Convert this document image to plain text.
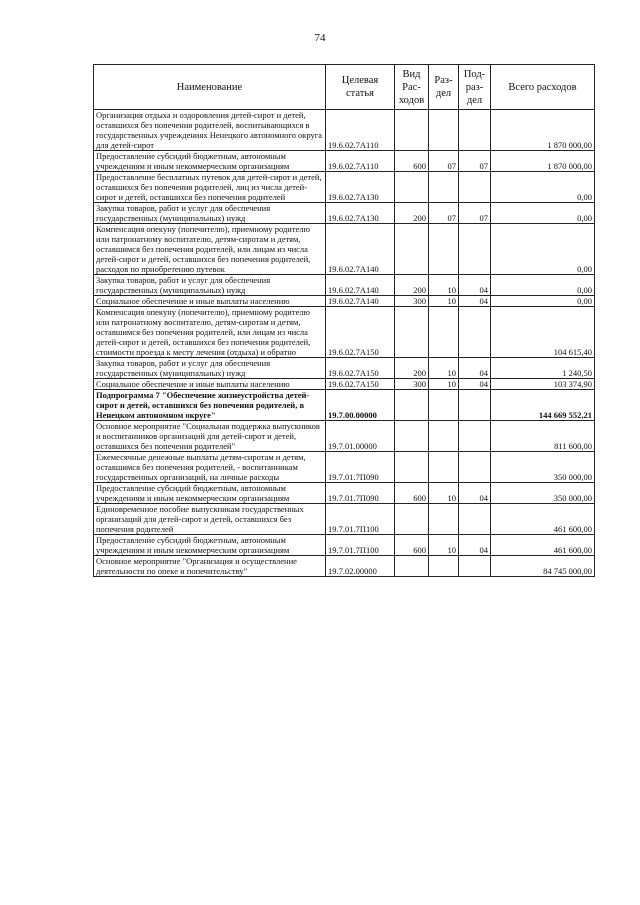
74
Наименование	Целевая статья	Вид Рас-ходов	Раз-дел	Под-раз-дел	Всего расходов
Организация отдыха и оздоровления детей-сирот и детей, оставшихся без попечения родителей, воспитывающихся в государственных учреждениях Ненецкого автономного округа для детей-сирот	19.6.02.7А110				1 870 000,00
Предоставление субсидий бюджетным, автономным учреждениям и иным некоммерческим организациям	19.6.02.7А110	600	07	07	1 870 000,00
Предоставление бесплатных путевок для детей-сирот и детей, оставшихся без попечения родителей, лиц из числа детей-сирот и детей, оставшихся без попечения родителей	19.6.02.7А130				0,00
Закупка товаров, работ и услуг для обеспечения государственных (муниципальных) нужд	19.6.02.7А130	200	07	07	0,00
Компенсация опекуну (попечителю), приемному родителю или патронатному воспитателю, детям-сиротам и детям, оставшимся без попечения родителей, или лицам из числа детей-сирот и детей, оставшихся без попечения родителей, расходов по приобретению путевок	19.6.02.7А140				0,00
Закупка товаров, работ и услуг для обеспечения государственных (муниципальных) нужд	19.6.02.7А140	200	10	04	0,00
Социальное обеспечение и иные выплаты населению	19.6.02.7А140	300	10	04	0,00
Компенсация опекуну (попечителю), приемному родителю или патронатному воспитателю, детям-сиротам и детям, оставшимся без попечения родителей, или лицам из числа детей-сирот и детей, оставшихся без попечения родителей, стоимости проезда к месту лечения (отдыха) и обратно	19.6.02.7А150				104 615,40
Закупка товаров, работ и услуг для обеспечения государственных (муниципальных) нужд	19.6.02.7А150	200	10	04	1 240,50
Социальное обеспечение и иные выплаты населению	19.6.02.7А150	300	10	04	103 374,90
Подпрограмма 7 "Обеспечение жизнеустройства детей-сирот и детей, оставшихся без попечения родителей, в Ненецком автономном округе"	19.7.00.00000				144 669 552,21
Основное мероприятие "Социальная поддержка выпускников и воспитанников организаций для детей-сирот и детей, оставшихся без попечения родителей"	19.7.01.00000				811 600,00
Ежемесячные денежные выплаты детям-сиротам и детям, оставшимся без попечения родителей, - воспитанникам государственных организаций, на личные расходы	19.7.01.7П090				350 000,00
Предоставление субсидий бюджетным, автономным учреждениям и иным некоммерческим организациям	19.7.01.7П090	600	10	04	350 000,00
Единовременное пособие выпускникам государственных организаций для детей-сирот и детей, оставшихся без попечения родителей	19.7.01.7П100				461 600,00
Предоставление субсидий бюджетным, автономным учреждениям и иным некоммерческим организациям	19.7.01.7П100	600	10	04	461 600,00
Основное мероприятие "Организация и осуществление деятельности по опеке и попечительству"	19.7.02.00000				84 745 000,00
